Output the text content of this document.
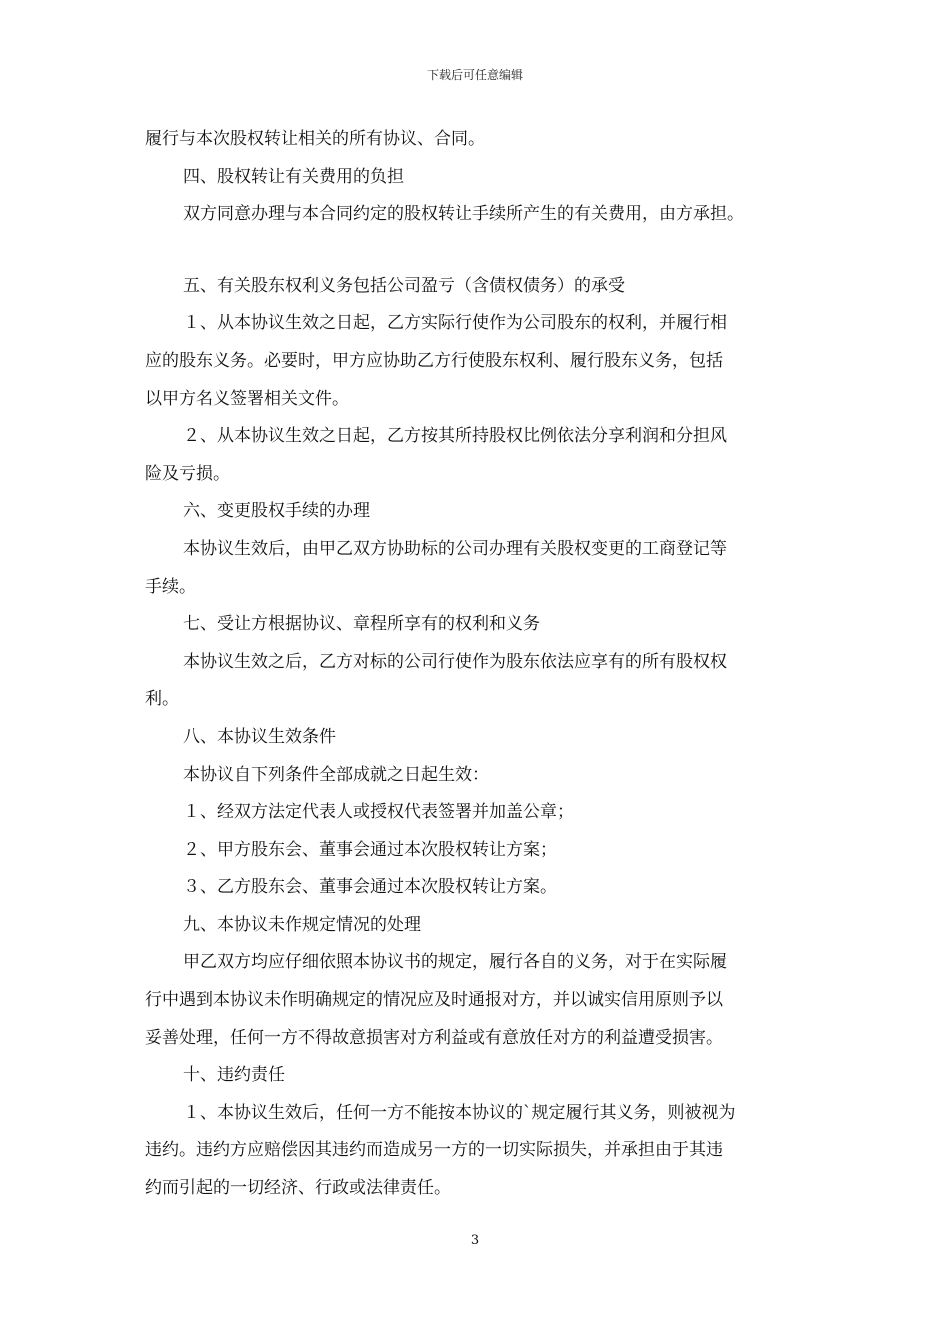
下载后可任意编辑
履行与本次股权转让相关的所有协议、合同。
四、股权转让有关费用的负担
双方同意办理与本合同约定的股权转让手续所产生的有关费用，由方承担。
五、有关股东权利义务包括公司盈亏（含债权债务）的承受
１、从本协议生效之日起，乙方实际行使作为公司股东的权利，并履行相
应的股东义务。必要时，甲方应协助乙方行使股东权利、履行股东义务，包括
以甲方名义签署相关文件。
２、从本协议生效之日起，乙方按其所持股权比例依法分享利润和分担风
险及亏损。
六、变更股权手续的办理
本协议生效后，由甲乙双方协助标的公司办理有关股权变更的工商登记等
手续。
七、受让方根据协议、章程所享有的权利和义务
本协议生效之后，乙方对标的公司行使作为股东依法应享有的所有股权权
利。
八、本协议生效条件
本协议自下列条件全部成就之日起生效：
１、经双方法定代表人或授权代表签署并加盖公章；
２、甲方股东会、董事会通过本次股权转让方案；
３、乙方股东会、董事会通过本次股权转让方案。
九、本协议未作规定情况的处理
甲乙双方均应仔细依照本协议书的规定，履行各自的义务，对于在实际履
行中遇到本协议未作明确规定的情况应及时通报对方，并以诚实信用原则予以
妥善处理，任何一方不得故意损害对方利益或有意放任对方的利益遭受损害。
十、违约责任
１、本协议生效后，任何一方不能按本协议的`规定履行其义务，则被视为
违约。违约方应赔偿因其违约而造成另一方的一切实际损失，并承担由于其违
约而引起的一切经济、行政或法律责任。
3
